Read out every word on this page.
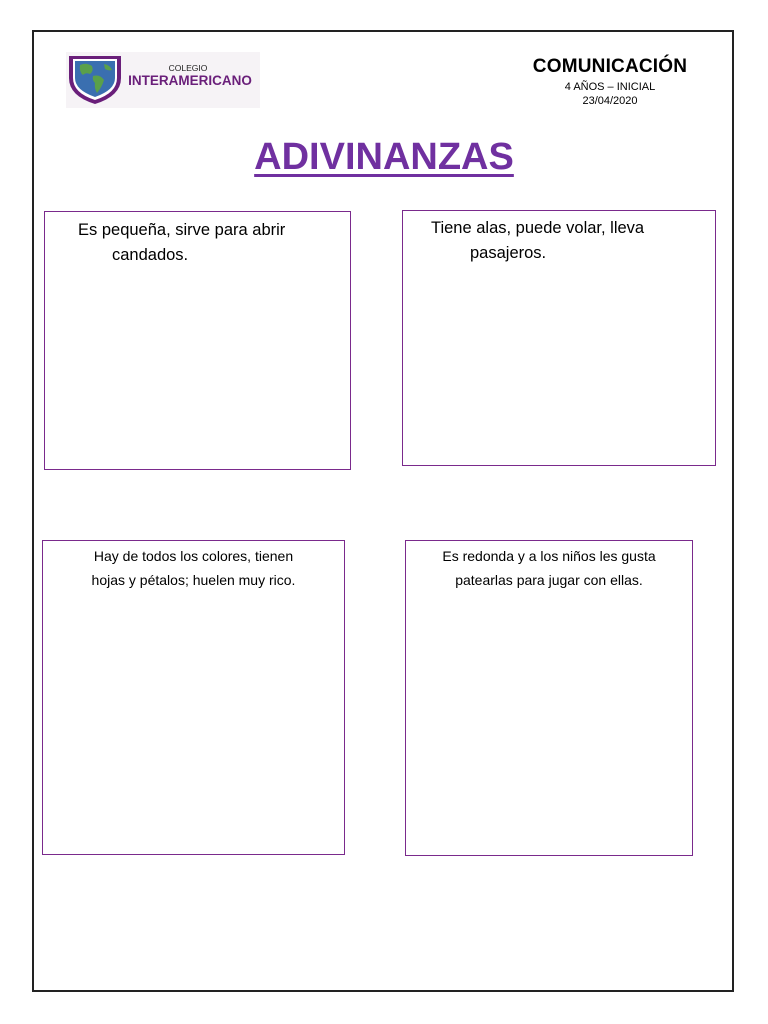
COLEGIO
INTERAMERICANO
COMUNICACIÓN
4 AÑOS – INICIAL
23/04/2020
ADIVINANZAS
Es pequeña, sirve para abrir
candados.
Tiene alas, puede volar, lleva
pasajeros.
Hay de todos los colores, tienen
hojas y pétalos; huelen muy rico.
Es redonda y a los niños les gusta
patearlas para jugar con ellas.
